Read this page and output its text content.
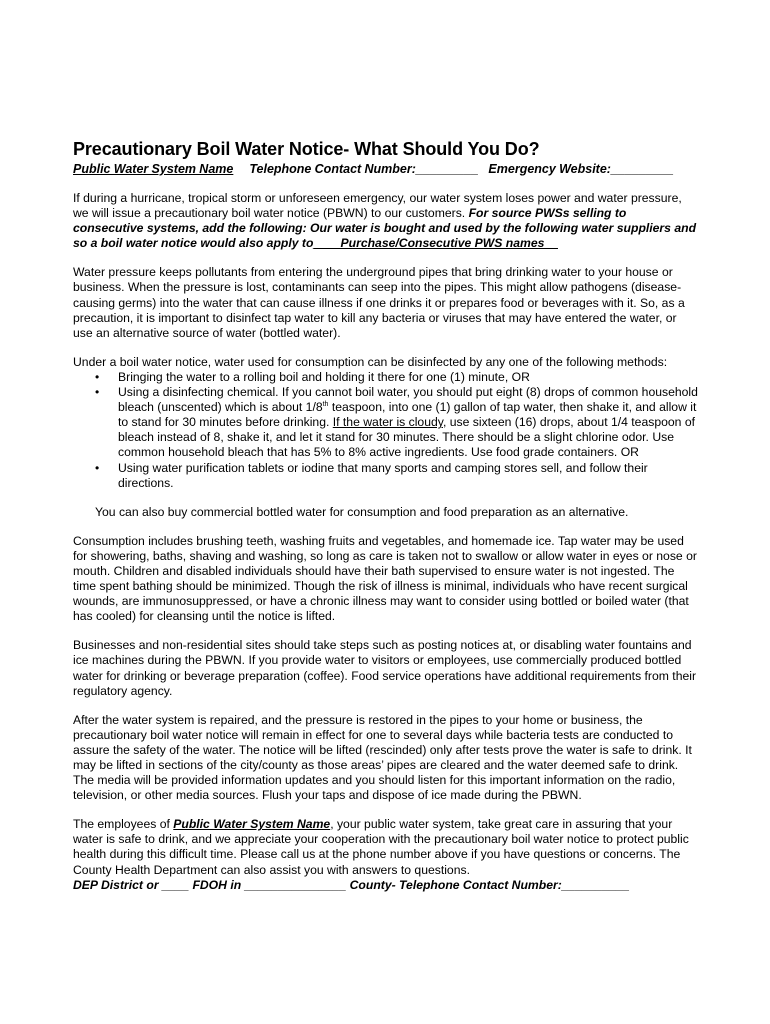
Precautionary Boil Water Notice- What Should You Do?
Public Water System Name Telephone Contact Number:_________ Emergency Website:_________

If during a hurricane, tropical storm or unforeseen emergency, our water system loses power and water pressure, we will issue a precautionary boil water notice (PBWN) to our customers. For source PWSs selling to consecutive systems, add the following: Our water is bought and used by the following water suppliers and so a boil water notice would also apply to____Purchase/Consecutive PWS names__

Water pressure keeps pollutants from entering the underground pipes that bring drinking water to your house or business. When the pressure is lost, contaminants can seep into the pipes. This might allow pathogens (disease-causing germs) into the water that can cause illness if one drinks it or prepares food or beverages with it. So, as a precaution, it is important to disinfect tap water to kill any bacteria or viruses that may have entered the water, or use an alternative source of water (bottled water).

Under a boil water notice, water used for consumption can be disinfected by any one of the following methods:

• Bringing the water to a rolling boil and holding it there for one (1) minute, OR
• Using a disinfecting chemical. If you cannot boil water, you should put eight (8) drops of common household bleach (unscented) which is about 1/8th teaspoon, into one (1) gallon of tap water, then shake it, and allow it to stand for 30 minutes before drinking. If the water is cloudy, use sixteen (16) drops, about 1/4 teaspoon of bleach instead of 8, shake it, and let it stand for 30 minutes. There should be a slight chlorine odor. Use common household bleach that has 5% to 8% active ingredients. Use food grade containers. OR
• Using water purification tablets or iodine that many sports and camping stores sell, and follow their directions.

You can also buy commercial bottled water for consumption and food preparation as an alternative.

Consumption includes brushing teeth, washing fruits and vegetables, and homemade ice. Tap water may be used for showering, baths, shaving and washing, so long as care is taken not to swallow or allow water in eyes or nose or mouth. Children and disabled individuals should have their bath supervised to ensure water is not ingested. The time spent bathing should be minimized. Though the risk of illness is minimal, individuals who have recent surgical wounds, are immunosuppressed, or have a chronic illness may want to consider using bottled or boiled water (that has cooled) for cleansing until the notice is lifted.

Businesses and non-residential sites should take steps such as posting notices at, or disabling water fountains and ice machines during the PBWN. If you provide water to visitors or employees, use commercially produced bottled water for drinking or beverage preparation (coffee). Food service operations have additional requirements from their regulatory agency.

After the water system is repaired, and the pressure is restored in the pipes to your home or business, the precautionary boil water notice will remain in effect for one to several days while bacteria tests are conducted to assure the safety of the water. The notice will be lifted (rescinded) only after tests prove the water is safe to drink. It may be lifted in sections of the city/county as those areas’ pipes are cleared and the water deemed safe to drink. The media will be provided information updates and you should listen for this important information on the radio, television, or other media sources. Flush your taps and dispose of ice made during the PBWN.

The employees of Public Water System Name, your public water system, take great care in assuring that your water is safe to drink, and we appreciate your cooperation with the precautionary boil water notice to protect public health during this difficult time. Please call us at the phone number above if you have questions or concerns. The County Health Department can also assist you with answers to questions.

DEP District or ____ FDOH in _______________ County- Telephone Contact Number:__________
